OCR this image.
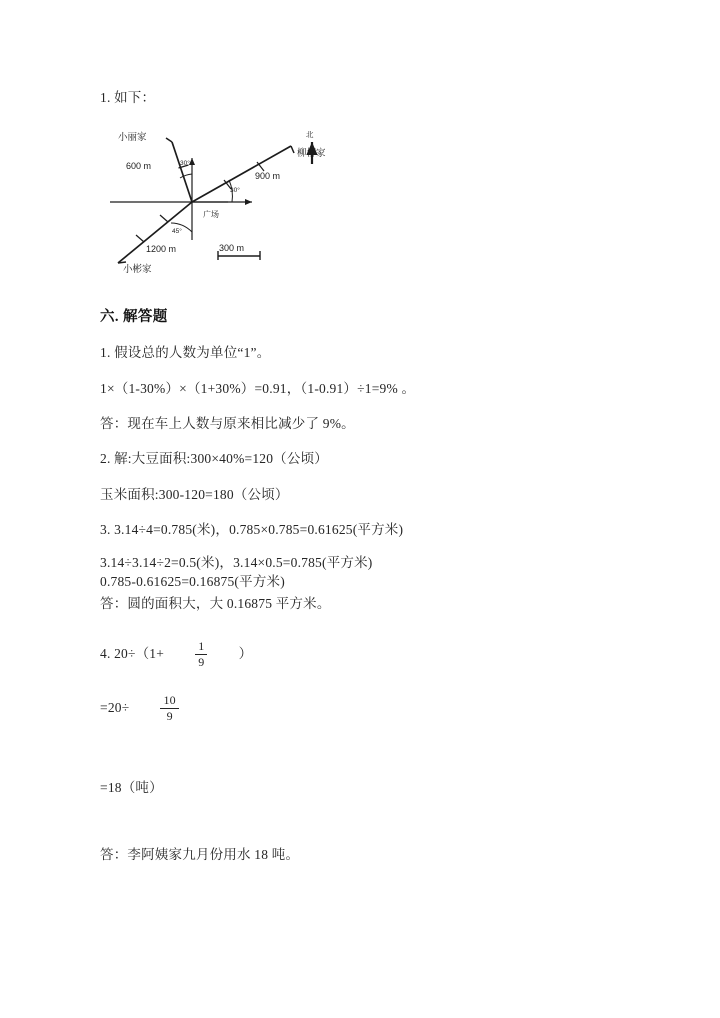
1. 如下：
小丽家
柳柳家
小彬家
广场
北
600 m
900 m
1200 m
30°
30°
45°
300 m
六. 解答题
1. 假设总的人数为单位“1”。
1×（1-30%）×（1+30%）=0.91，（1-0.91）÷1=9% 。
答：现在车上人数与原来相比减少了 9%。
2. 解:大豆面积:300×40%=120（公顷）
玉米面积:300-120=180（公顷）
3. 3.14÷4=0.785(米)，0.785×0.785=0.61625(平方米)
3.14÷3.14÷2=0.5(米)，3.14×0.5=0.785(平方米)
0.785-0.61625=0.16875(平方米)
答：圆的面积大，大 0.16875 平方米。
4. 20÷（1+	$\frac{1}{9}$ ）
=20÷	$\frac{10}{9}$
=18（吨）
答：李阿姨家九月份用水 18 吨。
